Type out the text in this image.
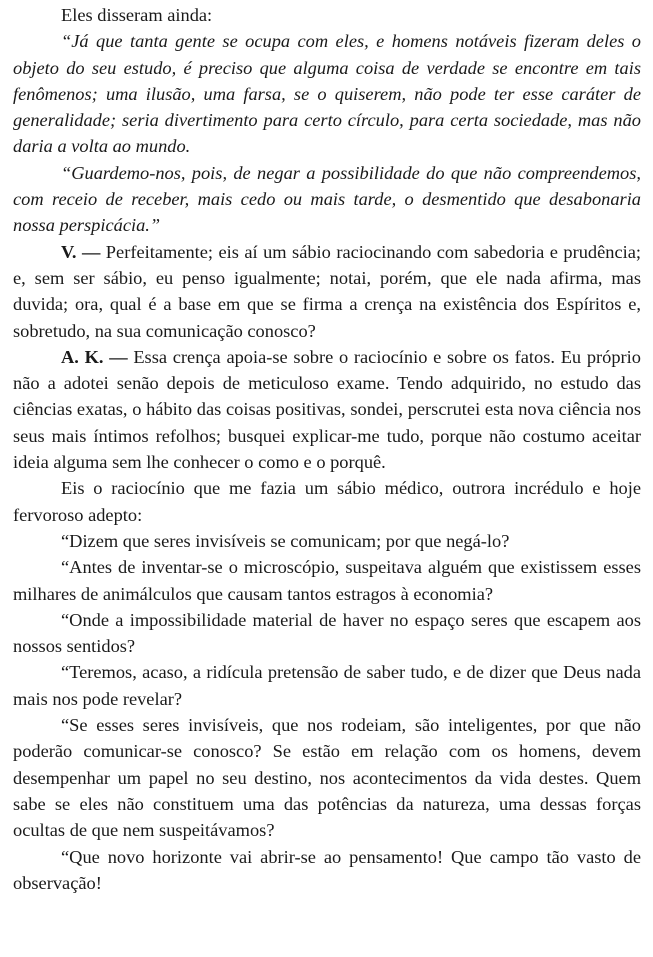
Eles disseram ainda:

“Já que tanta gente se ocupa com eles, e homens notáveis fizeram deles o objeto do seu estudo, é preciso que alguma coisa de verdade se encontre em tais fenômenos; uma ilusão, uma farsa, se o quiserem, não pode ter esse caráter de generalidade; seria divertimento para certo círculo, para certa sociedade, mas não daria a volta ao mundo.

“Guardemo-nos, pois, de negar a possibilidade do que não compreendemos, com receio de receber, mais cedo ou mais tarde, o desmentido que desabonaria nossa perspicácia.”

V. — Perfeitamente; eis aí um sábio raciocinando com sabedoria e prudência; e, sem ser sábio, eu penso igualmente; notai, porém, que ele nada afirma, mas duvida; ora, qual é a base em que se firma a crença na existência dos Espíritos e, sobretudo, na sua comunicação conosco?

A. K. — Essa crença apoia-se sobre o raciocínio e sobre os fatos. Eu próprio não a adotei senão depois de meticuloso exame. Tendo adquirido, no estudo das ciências exatas, o hábito das coisas positivas, sondei, perscrutei esta nova ciência nos seus mais íntimos refolhos; busquei explicar-me tudo, porque não costumo aceitar ideia alguma sem lhe conhecer o como e o porquê.

Eis o raciocínio que me fazia um sábio médico, outrora incrédulo e hoje fervoroso adepto:

“Dizem que seres invisíveis se comunicam; por que negá-lo?

“Antes de inventar-se o microscópio, suspeitava alguém que existissem esses milhares de animálculos que causam tantos estragos à economia?

“Onde a impossibilidade material de haver no espaço seres que escapem aos nossos sentidos?

“Teremos, acaso, a ridícula pretensão de saber tudo, e de dizer que Deus nada mais nos pode revelar?

“Se esses seres invisíveis, que nos rodeiam, são inteligentes, por que não poderão comunicar-se conosco? Se estão em relação com os homens, devem desempenhar um papel no seu destino, nos acontecimentos da vida destes. Quem sabe se eles não constituem uma das potências da natureza, uma dessas forças ocultas de que nem suspeitávamos?

“Que novo horizonte vai abrir-se ao pensamento! Que campo tão vasto de observação!
